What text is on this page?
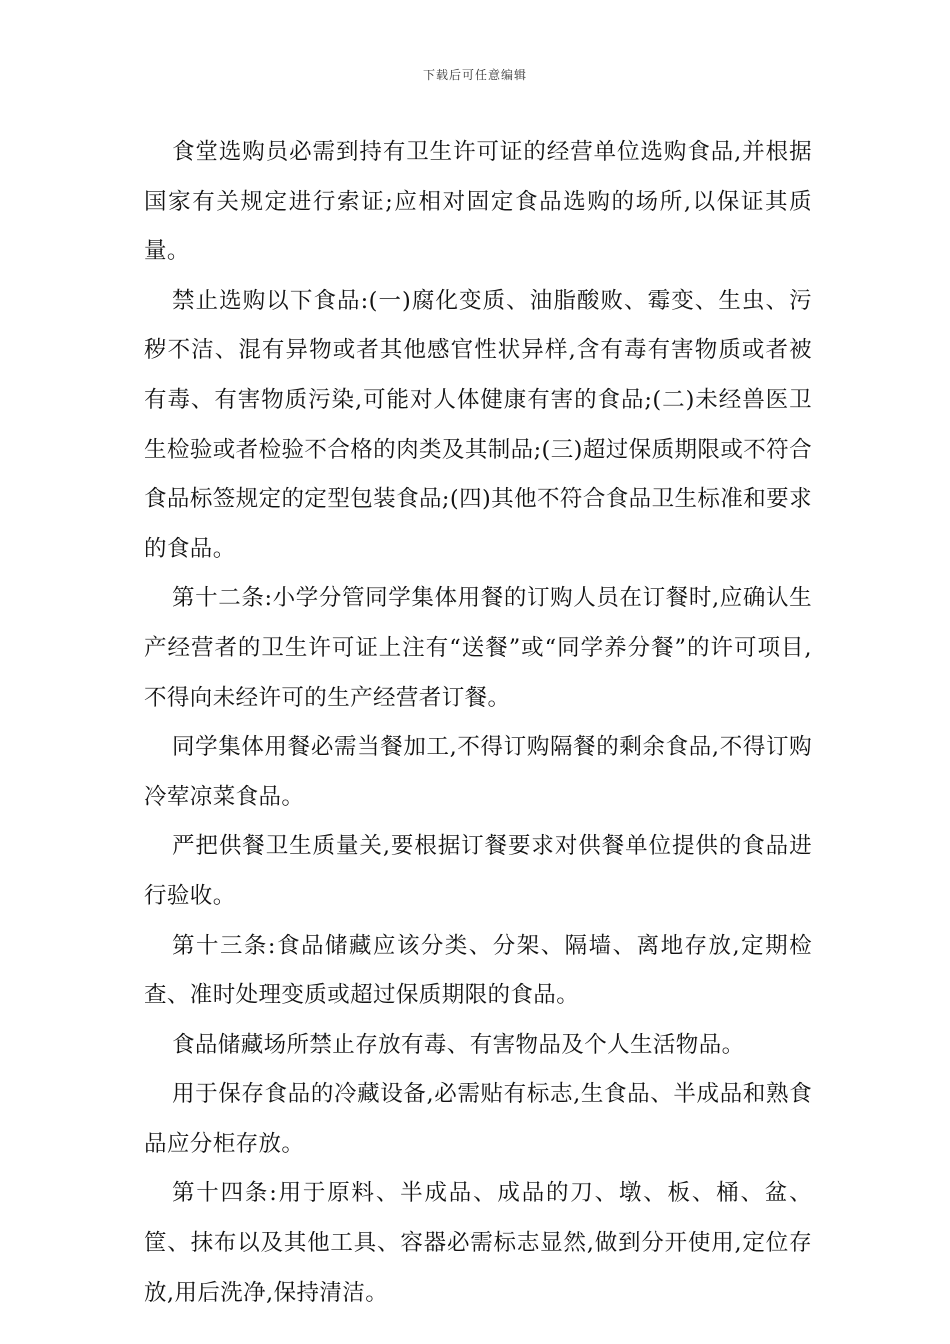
下载后可任意编辑

食堂选购员必需到持有卫生许可证的经营单位选购食品,并根据国家有关规定进行索证;应相对固定食品选购的场所,以保证其质量。

禁止选购以下食品:(一)腐化变质、油脂酸败、霉变、生虫、污秽不洁、混有异物或者其他感官性状异样,含有毒有害物质或者被有毒、有害物质污染,可能对人体健康有害的食品;(二)未经兽医卫生检验或者检验不合格的肉类及其制品;(三)超过保质期限或不符合食品标签规定的定型包装食品;(四)其他不符合食品卫生标准和要求的食品。

第十二条:小学分管同学集体用餐的订购人员在订餐时,应确认生产经营者的卫生许可证上注有“送餐”或“同学养分餐”的许可项目,不得向未经许可的生产经营者订餐。

同学集体用餐必需当餐加工,不得订购隔餐的剩余食品,不得订购冷荤凉菜食品。

严把供餐卫生质量关,要根据订餐要求对供餐单位提供的食品进行验收。

第十三条:食品储藏应该分类、分架、隔墙、离地存放,定期检查、准时处理变质或超过保质期限的食品。

食品储藏场所禁止存放有毒、有害物品及个人生活物品。

用于保存食品的冷藏设备,必需贴有标志,生食品、半成品和熟食品应分柜存放。

第十四条:用于原料、半成品、成品的刀、墩、板、桶、盆、筐、抹布以及其他工具、容器必需标志显然,做到分开使用,定位存放,用后洗净,保持清洁。
